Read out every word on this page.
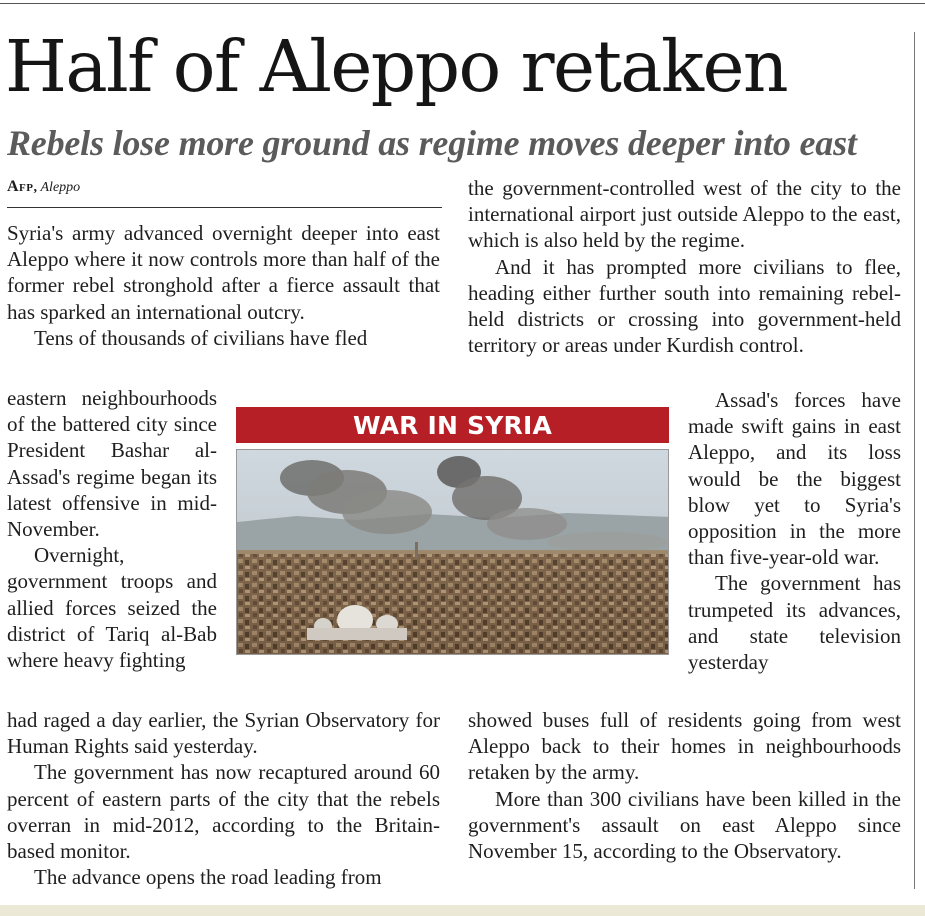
Half of Aleppo retaken
Rebels lose more ground as regime moves deeper into east
Afp, Aleppo

Syria's army advanced overnight deeper into east Aleppo where it now controls more than half of the former rebel stronghold after a fierce assault that has sparked an international outcry.

Tens of thousands of civilians have fled

eastern neighbourhoods of the battered city since President Bashar al-Assad's regime began its latest offensive in mid-November.

Overnight, government troops and allied forces seized the district of Tariq al-Bab where heavy fighting

had raged a day earlier, the Syrian Observatory for Human Rights said yesterday.

The government has now recaptured around 60 percent of eastern parts of the city that the rebels overran in mid-2012, according to the Britain-based monitor.

The advance opens the road leading from

the government-controlled west of the city to the international airport just outside Aleppo to the east, which is also held by the regime.

And it has prompted more civilians to flee, heading either further south into remaining rebel-held districts or crossing into government-held territory or areas under Kurdish control.

Assad's forces have made swift gains in east Aleppo, and its loss would be the biggest blow yet to Syria's opposition in the more than five-year-old war.

The government has trumpeted its advances, and state television yesterday

showed buses full of residents going from west Aleppo back to their homes in neighbourhoods retaken by the army.

More than 300 civilians have been killed in the government's assault on east Aleppo since November 15, according to the Observatory.

WAR IN SYRIA
